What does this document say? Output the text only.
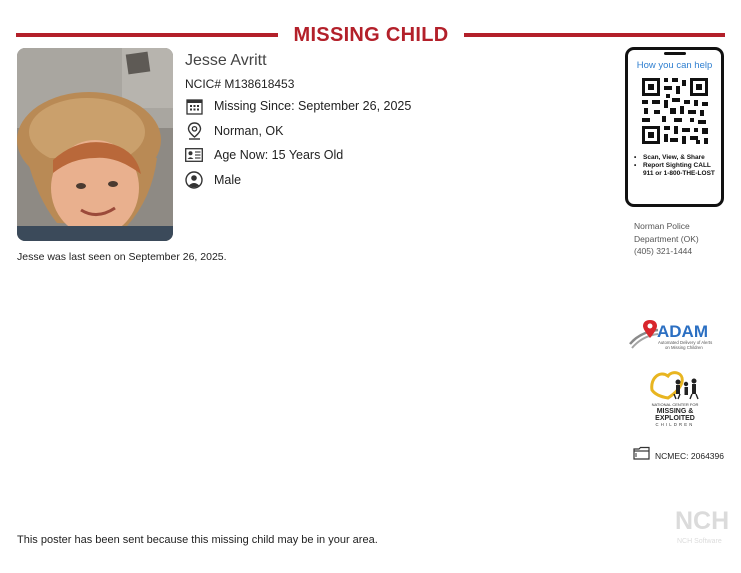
MISSING CHILD
Jesse Avritt
NCIC# M138618453
Missing Since: September 26, 2025
Norman, OK
Age Now: 15 Years Old
Male
Jesse was last seen on September 26, 2025.
How you can help
• Scan, View, & Share
• Report Sighting CALL 911 or 1-800-THE-LOST
Norman Police
Department (OK)
(405) 321-1444
ADAM
Automated Delivery of Alerts
on Missing Children
NATIONAL CENTER FOR
MISSING &
EXPLOITED
CHILDREN
NCMEC: 2064396
This poster has been sent because this missing child may be in your area.
NCH
NCH Software
